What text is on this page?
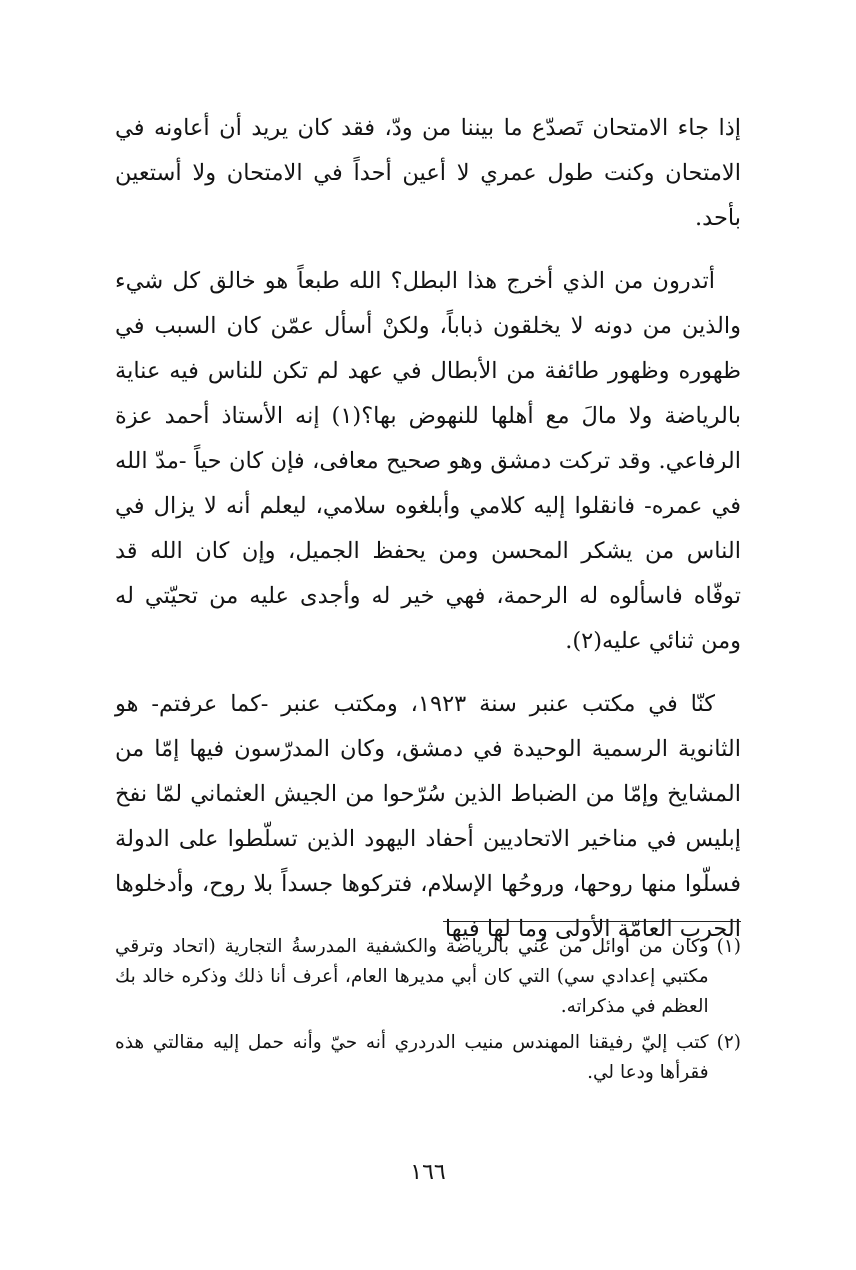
إذا جاء الامتحان تَصدّع ما بيننا من ودّ، فقد كان يريد أن أعاونه في الامتحان وكنت طول عمري لا أعين أحداً في الامتحان ولا أستعين بأحد.

أتدرون من الذي أخرج هذا البطل؟ الله طبعاً هو خالق كل شيء والذين من دونه لا يخلقون ذباباً، ولكنْ أسأل عمّن كان السبب في ظهوره وظهور طائفة من الأبطال في عهد لم تكن للناس فيه عناية بالرياضة ولا مالَ مع أهلها للنهوض بها؟(١) إنه الأستاذ أحمد عزة الرفاعي. وقد تركت دمشق وهو صحيح معافى، فإن كان حياً -مدّ الله في عمره- فانقلوا إليه كلامي وأبلغوه سلامي، ليعلم أنه لا يزال في الناس من يشكر المحسن ومن يحفظ الجميل، وإن كان الله قد توفّاه فاسألوه له الرحمة، فهي خير له وأجدى عليه من تحيّتي له ومن ثنائي عليه(٢).

كنّا في مكتب عنبر سنة ١٩٢٣، ومكتب عنبر -كما عرفتم- هو الثانوية الرسمية الوحيدة في دمشق، وكان المدرّسون فيها إمّا من المشايخ وإمّا من الضباط الذين سُرّحوا من الجيش العثماني لمّا نفخ إبليس في مناخير الاتحاديين أحفاد اليهود الذين تسلّطوا على الدولة فسلّوا منها روحها، وروحُها الإسلام، فتركوها جسداً بلا روح، وأدخلوها الحرب العامّة الأولى وما لها فيها

(١)
وكان من أوائل من عُني بالرياضة والكشفية المدرسةُ التجارية (اتحاد وترقي مكتبي إعدادي سي) التي كان أبي مديرها العام، أعرف أنا ذلك وذكره خالد بك العظم في مذكراته.
(٢)
كتب إليّ رفيقنا المهندس منيب الدردري أنه حيّ وأنه حمل إليه مقالتي هذه فقرأها ودعا لي.
١٦٦
